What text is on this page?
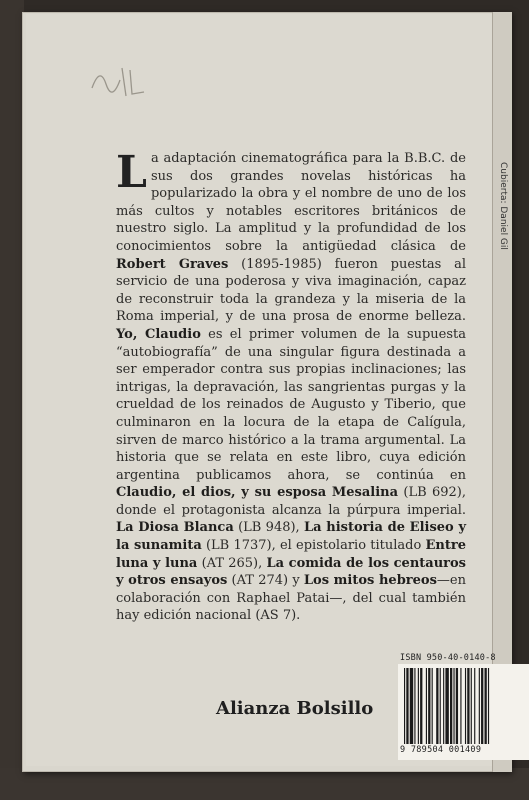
La adaptación cinematográfica para la B.B.C. de sus dos grandes novelas históricas ha popularizado la obra y el nombre de uno de los más cultos y notables escritores británicos de nuestro siglo. La amplitud y la profundidad de los conocimientos sobre la antigüedad clásica de Robert Graves (1895-1985) fueron puestas al servicio de una poderosa y viva imaginación, capaz de reconstruir toda la grandeza y la miseria de la Roma imperial, y de una prosa de enorme belleza. Yo, Claudio es el primer volumen de la supuesta “autobiografía” de una singular figura destinada a ser emperador contra sus propias inclinaciones; las intrigas, la depravación, las sangrientas purgas y la crueldad de los reinados de Augusto y Tiberio, que culminaron en la locura de la etapa de Calígula, sirven de marco histórico a la trama argumental. La historia que se relata en este libro, cuya edición argentina publicamos ahora, se continúa en Claudio, el dios, y su esposa Mesalina (LB 692), donde el protagonista alcanza la púrpura imperial. La Diosa Blanca (LB 948), La historia de Eliseo y la sunamita (LB 1737), el epistolario titulado Entre luna y luna (AT 265), La comida de los centauros y otros ensayos (AT 274) y Los mitos hebreos—en colaboración con Raphael Patai—, del cual también hay edición nacional (AS 7).
Alianza Bolsillo
Cubierta: Daniel Gil
ISBN 950-40-0140-8
9 789504 001409
